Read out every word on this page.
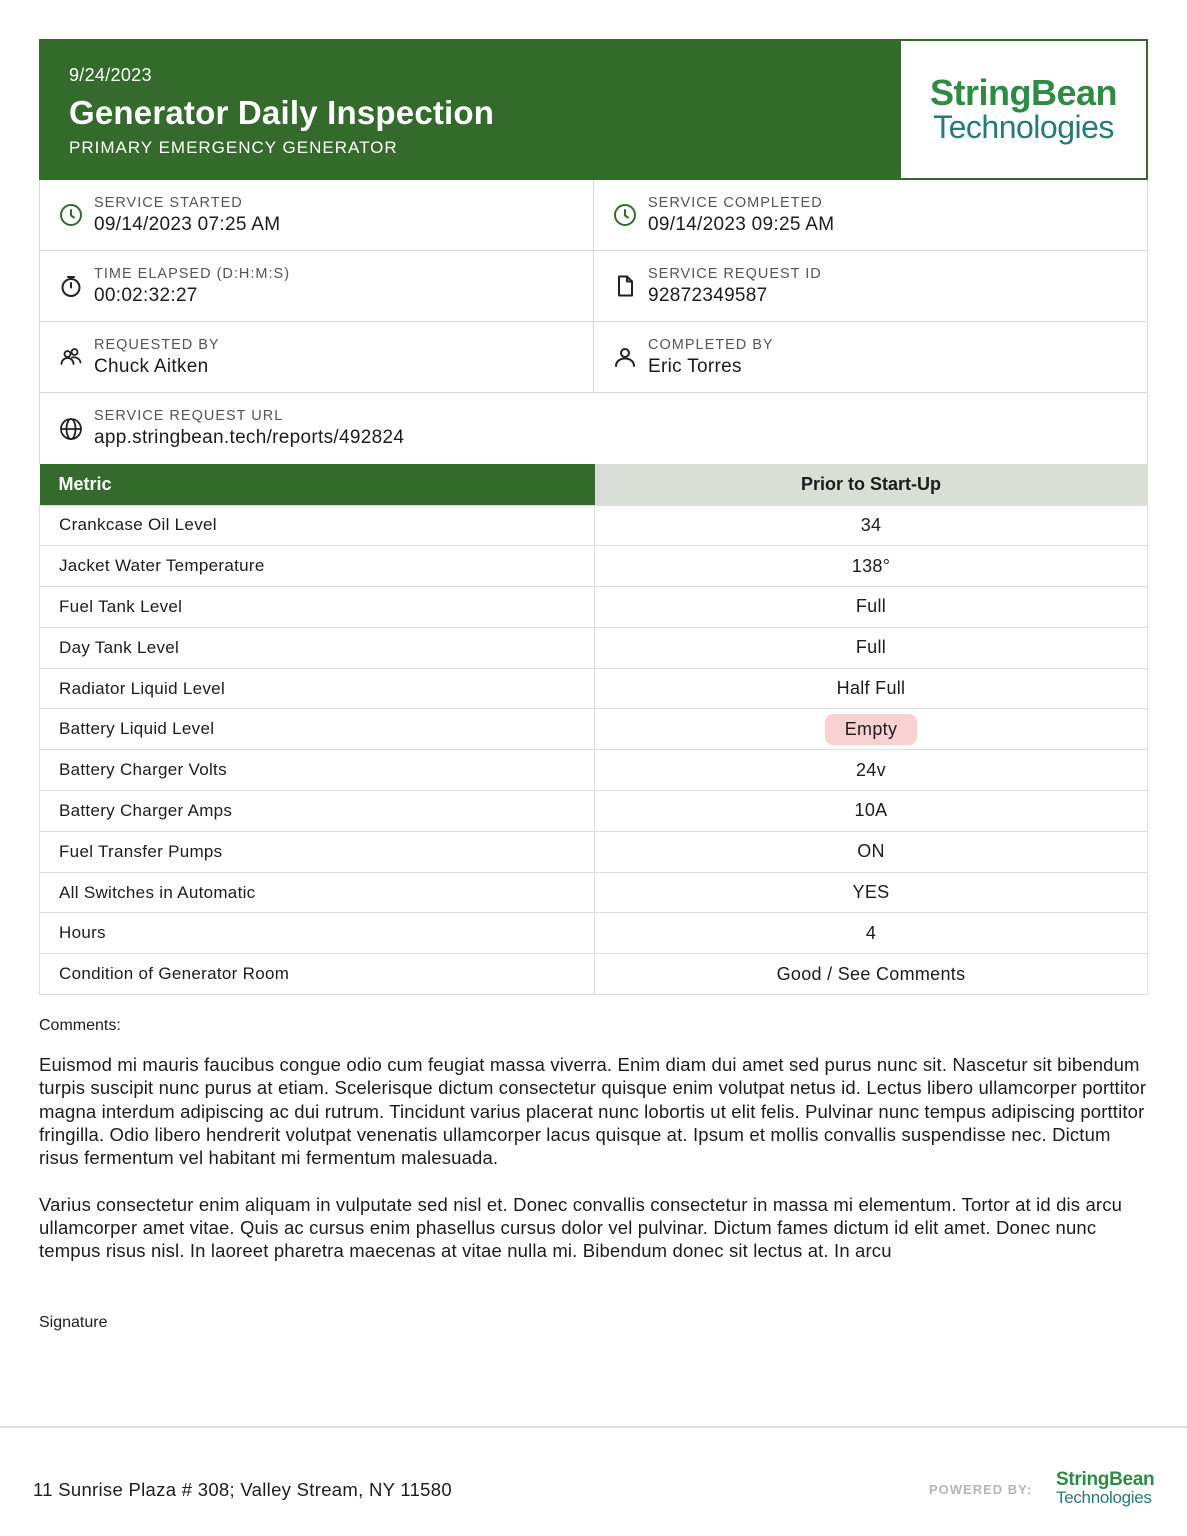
9/24/2023
Generator Daily Inspection
PRIMARY EMERGENCY GENERATOR
StringBean
Technologies
SERVICE STARTED
09/14/2023 07:25 AM
SERVICE COMPLETED
09/14/2023 09:25 AM
TIME ELAPSED (D:H:M:S)
00:02:32:27
SERVICE REQUEST ID
92872349587
REQUESTED BY
Chuck Aitken
COMPLETED BY
Eric Torres
SERVICE REQUEST URL
app.stringbean.tech/reports/492824
Metric	Prior to Start-Up
Crankcase Oil Level	34
Jacket Water Temperature	138°
Fuel Tank Level	Full
Day Tank Level	Full
Radiator Liquid Level	Half Full
Battery Liquid Level	Empty
Battery Charger Volts	24v
Battery Charger Amps	10A
Fuel Transfer Pumps	ON
All Switches in Automatic	YES
Hours	4
Condition of Generator Room	Good / See Comments
Comments:

Euismod mi mauris faucibus congue odio cum feugiat massa viverra. Enim diam dui amet sed purus nunc sit. Nascetur sit bibendum turpis suscipit nunc purus at etiam. Scelerisque dictum consectetur quisque enim volutpat netus id. Lectus libero ullamcorper porttitor magna interdum adipiscing ac dui rutrum. Tincidunt varius placerat nunc lobortis ut elit felis. Pulvinar nunc tempus adipiscing porttitor fringilla. Odio libero hendrerit volutpat venenatis ullamcorper lacus quisque at. Ipsum et mollis convallis suspendisse nec. Dictum risus fermentum vel habitant mi fermentum malesuada.

Varius consectetur enim aliquam in vulputate sed nisl et. Donec convallis consectetur in massa mi elementum. Tortor at id dis arcu ullamcorper amet vitae. Quis ac cursus enim phasellus cursus dolor vel pulvinar. Dictum fames dictum id elit amet. Donec nunc tempus risus nisl. In laoreet pharetra maecenas at vitae nulla mi. Bibendum donec sit lectus at. In arcu

Signature
11 Sunrise Plaza # 308; Valley Stream, NY 11580	POWERED BY: StringBean
Technologies
